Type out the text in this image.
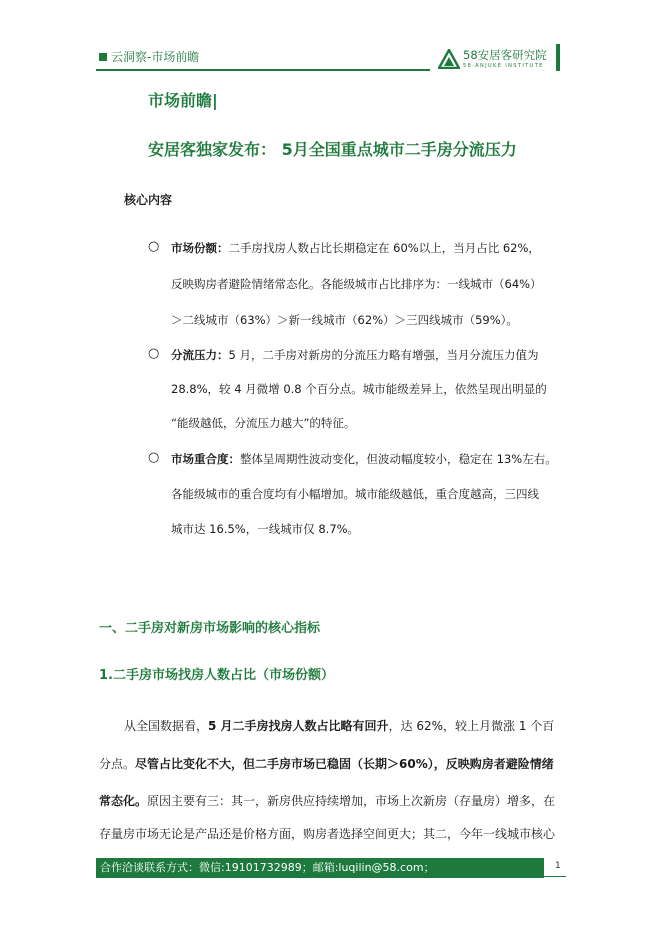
云洞察-市场前瞻	58安居客研究院
58·ANJUKE INSTITUTE
市场前瞻|
安居客独家发布： 5月全国重点城市二手房分流压力
核心内容
○ 市场份额：二手房找房人数占比长期稳定在 60%以上，当月占比 62%，
反映购房者避险情绪常态化。各能级城市占比排序为：一线城市（64%）
＞二线城市（63%）＞新一线城市（62%）＞三四线城市（59%）。
○ 分流压力：5 月，二手房对新房的分流压力略有增强，当月分流压力值为
28.8%，较 4 月微增 0.8 个百分点。城市能级差异上，依然呈现出明显的
“能级越低，分流压力越大”的特征。
○ 市场重合度：整体呈周期性波动变化，但波动幅度较小，稳定在 13%左右。
各能级城市的重合度均有小幅增加。城市能级越低，重合度越高，三四线
城市达 16.5%，一线城市仅 8.7%。
一、二手房对新房市场影响的核心指标
1.二手房市场找房人数占比（市场份额）
从全国数据看，5 月二手房找房人数占比略有回升，达 62%，较上月微涨 1 个百
分点。尽管占比变化不大，但二手房市场已稳固（长期＞60%），反映购房者避险情绪
常态化。原因主要有三：其一，新房供应持续增加，市场上次新房（存量房）增多，在
存量房市场无论是产品还是价格方面，购房者选择空间更大；其二，今年一线城市核心
合作洽谈联系方式：微信:19101732989；邮箱:luqilin@58.com；	1
